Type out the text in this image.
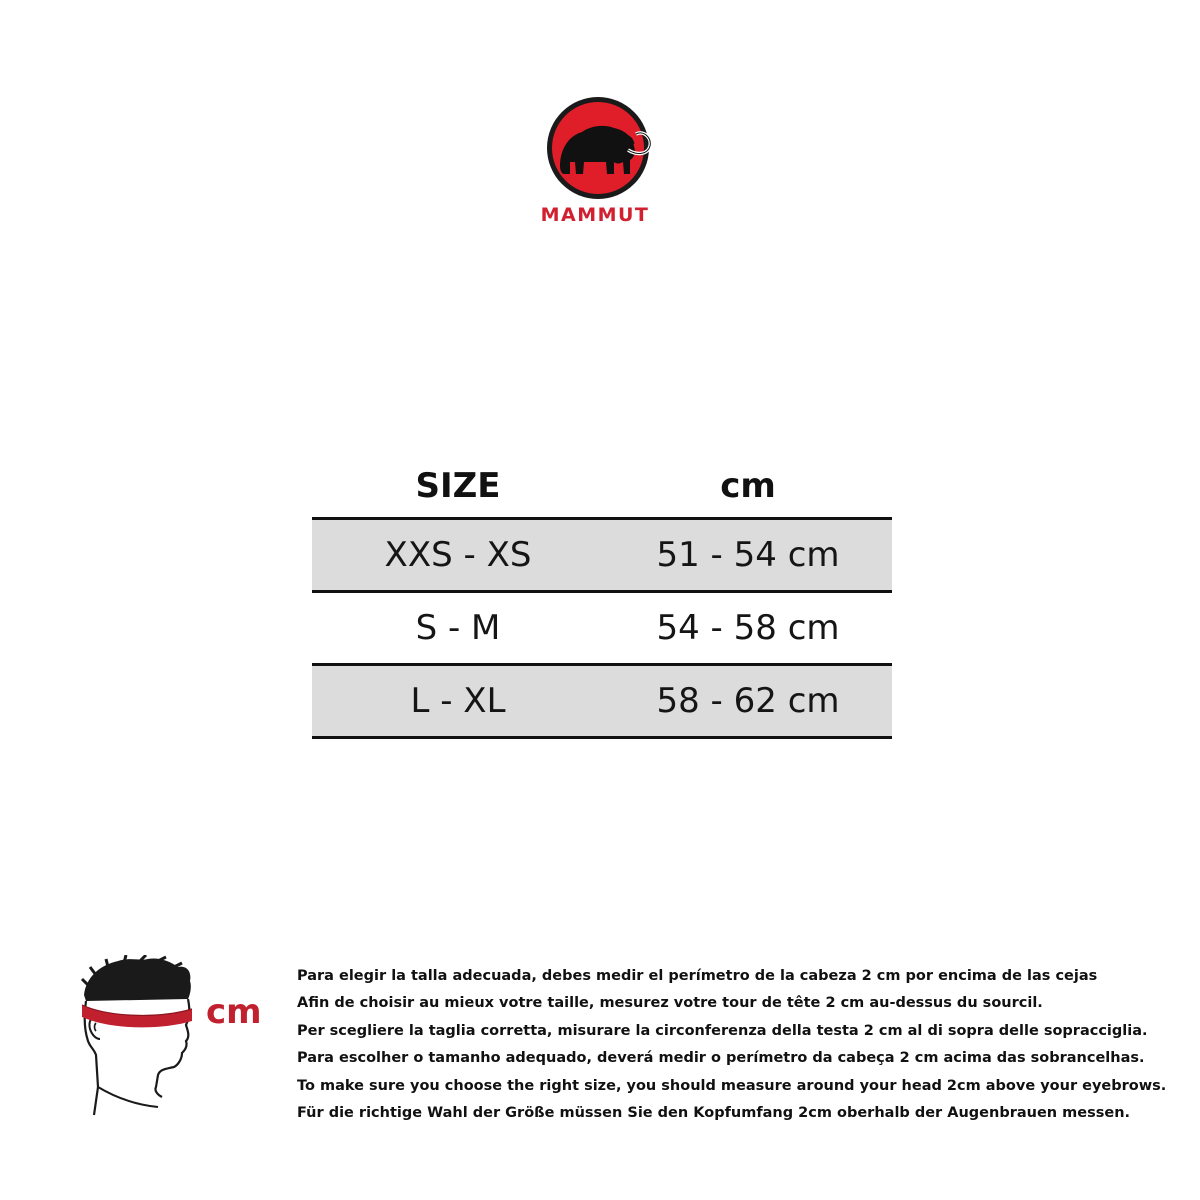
MAMMUT
SIZE	cm
XXS - XS	51 - 54 cm
S - M	54 - 58 cm
L - XL	58 - 62 cm
cm
Para elegir la talla adecuada, debes medir el perímetro de la cabeza 2 cm por encima de las cejas
Afin de choisir au mieux votre taille, mesurez votre tour de tête 2 cm au-dessus du sourcil.
Per scegliere la taglia corretta, misurare la circonferenza della testa 2 cm al di sopra delle sopracciglia.
Para escolher o tamanho adequado, deverá medir o perímetro da cabeça 2 cm acima das sobrancelhas.
To make sure you choose the right size, you should measure around your head 2cm above your eyebrows.
Für die richtige Wahl der Größe müssen Sie den Kopfumfang 2cm oberhalb der Augenbrauen messen.
